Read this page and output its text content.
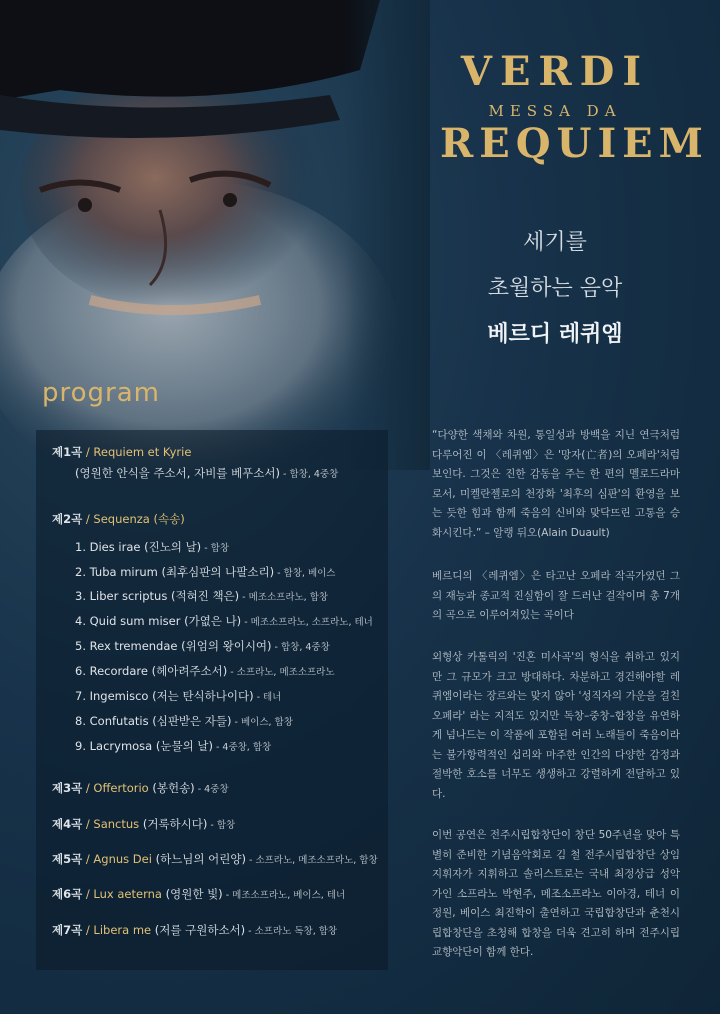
VERDI
MESSA DA
REQUIEM
세기를
초월하는 음악
베르디 레퀴엠
program
제1곡 / Requiem et Kyrie
(영원한 안식을 주소서, 자비를 베푸소서) - 합창, 4중창
제2곡 / Sequenza (속송)
1. Dies irae (진노의 날) - 합창
2. Tuba mirum (최후심판의 나팔소리) - 합창, 베이스
3. Liber scriptus (적혀진 책은) - 메조소프라노, 합창
4. Quid sum miser (가엾은 나) - 메조소프라노, 소프라노, 테너
5. Rex tremendae (위엄의 왕이시여) - 합창, 4중창
6. Recordare (헤아려주소서) - 소프라노, 메조소프라노
7. Ingemisco (저는 탄식하나이다) - 테너
8. Confutatis (심판받은 자들) - 베이스, 합창
9. Lacrymosa (눈물의 날) - 4중창, 합창
제3곡 / Offertorio (봉헌송) - 4중창
제4곡 / Sanctus (거룩하시다) - 합창
제5곡 / Agnus Dei (하느님의 어린양) - 소프라노, 메조소프라노, 합창
제6곡 / Lux aeterna (영원한 빛) - 메조소프라노, 베이스, 테너
제7곡 / Libera me (저를 구원하소서) - 소프라노 독창, 합창

“다양한 색채와 차원, 통일성과 방백을 지닌 연극처럼 다루어진 이 〈레퀴엠〉은 '망자(亡者)의 오페라'처럼 보인다. 그것은 진한 감동을 주는 한 편의 멜로드라마로서, 미켈란젤로의 천장화 '최후의 심판'의 환영을 보는 듯한 힘과 함께 죽음의 신비와 맞닥뜨린 고통을 승화시킨다.” – 알랭 뒤오(Alain Duault)

베르디의 〈레퀴엠〉은 타고난 오페라 작곡가였던 그의 재능과 종교적 진실함이 잘 드러난 걸작이며 총 7개의 곡으로 이루어져있는 곡이다

외형상 카톨릭의 '진혼 미사곡'의 형식을 취하고 있지만 그 규모가 크고 방대하다. 차분하고 경건해야할 레퀴엠이라는 장르와는 맞지 않아 '성직자의 가운을 걸친 오페라' 라는 지적도 있지만 독창–중창–합창을 유연하게 넘나드는 이 작품에 포함된 여러 노래들이 죽음이라는 불가항력적인 섭리와 마주한 인간의 다양한 감정과 절박한 호소를 너무도 생생하고 강렬하게 전달하고 있다.

이번 공연은 전주시립합창단이 창단 50주년을 맞아 특별히 준비한 기념음악회로 김 철 전주시립합창단 상임지휘자가 지휘하고 솔리스트로는 국내 최정상급 성악가인 소프라노 박현주, 메조소프라노 이아경, 테너 이정원, 베이스 최진학이 출연하고 국립합창단과 춘천시립합창단을 초청해 합창을 더욱 견고히 하며 전주시립교향악단이 함께 한다.
